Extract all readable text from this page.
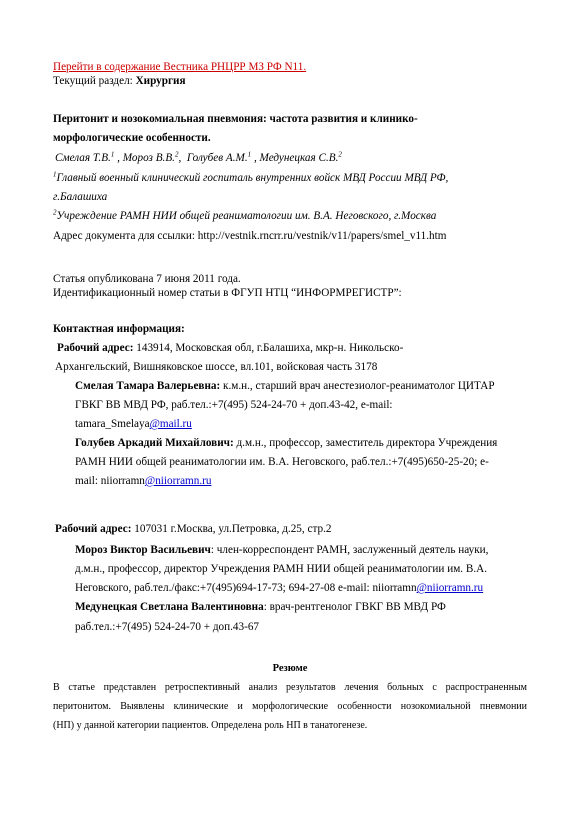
Перейти в содержание Вестника РНЦРР МЗ РФ N11.
Текущий раздел: Хирургия
Перитонит и нозокомиальная пневмония: частота развития и клинико-
морфологические особенности.
Смелая Т.В.$^1$ , Мороз В.В.$^2$,  Голубев А.М.$^1$ , Медунецкая С.В.$^2$
$^1$Главный военный клинический госпиталь внутренних войск МВД России МВД РФ,
г.Балашиха
$^2$Учреждение РАМН НИИ общей реаниматологии им. В.А. Неговского, г.Москва
Адрес документа для ссылки: http://vestnik.rncrr.ru/vestnik/v11/papers/smel_v11.htm
Статья опубликована 7 июня 2011 года.
Идентификационный номер статьи в ФГУП НТЦ “ИНФОРМРЕГИСТР”:
Контактная информация:
Рабочий адрес: 143914, Московская обл, г.Балашиха, мкр-н. Никольско-
Архангельский, Вишняковское шоссе, вл.101, войсковая часть 3178
Смелая Тамара Валерьевна: к.м.н., старший врач анестезиолог-реаниматолог ЦИТАР
ГВКГ ВВ МВД РФ, раб.тел.:+7(495) 524-24-70 + доп.43-42, e-mail:
tamara_Smelaya@mail.ru
Голубев Аркадий Михайлович: д.м.н., профессор, заместитель директора Учреждения
РАМН НИИ общей реаниматологии им. В.А. Неговского, раб.тел.:+7(495)650-25-20; e-
mail: niiorramn@niiorramn.ru
Рабочий адрес: 107031 г.Москва, ул.Петровка, д.25, стр.2
Мороз Виктор Васильевич: член-корреспондент РАМН, заслуженный деятель науки,
д.м.н., профессор, директор Учреждения РАМН НИИ общей реаниматологии им. В.А.
Неговского, раб.тел./факс:+7(495)694-17-73; 694-27-08 e-mail: niiorramn@niiorramn.ru
Медунецкая Светлана Валентиновна: врач-рентгенолог ГВКГ ВВ МВД РФ
раб.тел.:+7(495) 524-24-70 + доп.43-67
Резюме
В статье представлен ретроспективный анализ результатов лечения больных с распространенным
перитонитом. Выявлены клинические и морфологические особенности нозокомиальной пневмонии
(НП) у данной категории пациентов. Определена роль НП в танатогенезе.
